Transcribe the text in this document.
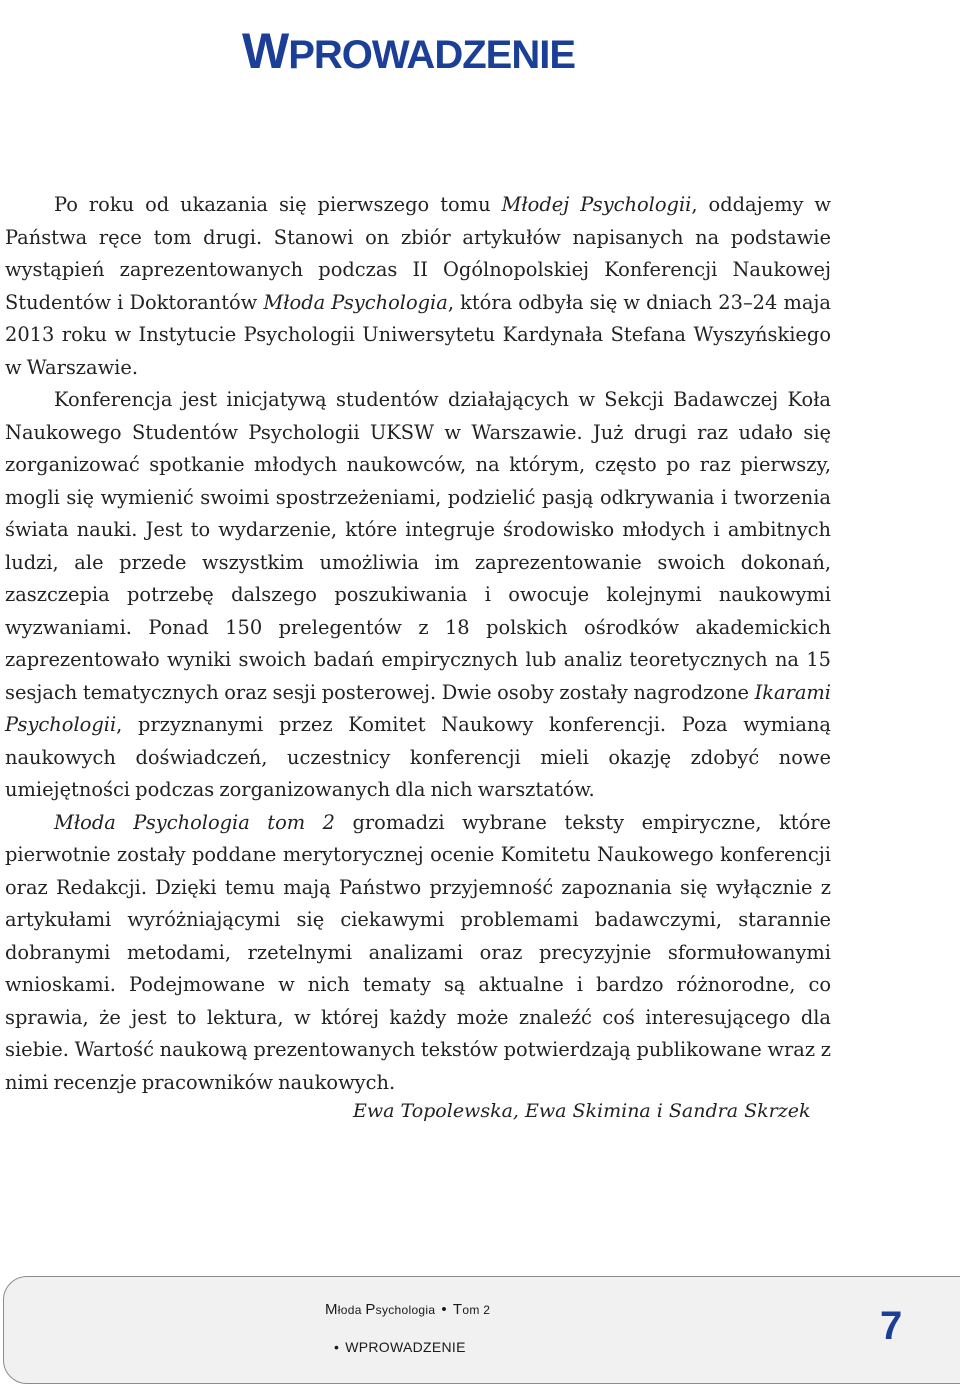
WPROWADZENIE

Po roku od ukazania się pierwszego tomu Młodej Psychologii, oddajemy w Państwa ręce tom drugi. Stanowi on zbiór artykułów napisanych na podstawie wystąpień zaprezentowanych podczas II Ogólnopolskiej Konferencji Naukowej Studentów i Doktorantów Młoda Psychologia, która odbyła się w dniach 23–24 maja 2013 roku w Instytucie Psychologii Uniwersytetu Kardynała Stefana Wyszyńskiego w Warszawie.

Konferencja jest inicjatywą studentów działających w Sekcji Badawczej Koła Naukowego Studentów Psychologii UKSW w Warszawie. Już drugi raz udało się zorganizować spotkanie młodych naukowców, na którym, często po raz pierwszy, mogli się wymienić swoimi spostrzeżeniami, podzielić pasją odkrywania i tworzenia świata nauki. Jest to wydarzenie, które integruje środowisko młodych i ambitnych ludzi, ale przede wszystkim umożliwia im zaprezentowanie swoich dokonań, zaszczepia potrzebę dalszego poszukiwania i owocuje kolejnymi naukowymi wyzwaniami. Ponad 150 prelegentów z 18 polskich ośrodków akademickich zaprezentowało wyniki swoich badań empirycznych lub analiz teoretycznych na 15 sesjach tematycznych oraz sesji posterowej. Dwie osoby zostały nagrodzone Ikarami Psychologii, przyznanymi przez Komitet Naukowy konferencji. Poza wymianą naukowych doświadczeń, uczestnicy konferencji mieli okazję zdobyć nowe umiejętności podczas zorganizowanych dla nich warsztatów.

Młoda Psychologia tom 2 gromadzi wybrane teksty empiryczne, które pierwotnie zostały poddane merytorycznej ocenie Komitetu Naukowego konferencji oraz Redakcji. Dzięki temu mają Państwo przyjemność zapoznania się wyłącznie z artykułami wyróżniającymi się ciekawymi problemami badawczymi, starannie dobranymi metodami, rzetelnymi analizami oraz precyzyjnie sformułowanymi wnioskami. Podejmowane w nich tematy są aktualne i bardzo różnorodne, co sprawia, że jest to lektura, w której każdy może znaleźć coś interesującego dla siebie. Wartość naukową prezentowanych tekstów potwierdzają publikowane wraz z nimi recenzje pracowników naukowych.

Ewa Topolewska, Ewa Skimina i Sandra Skrzek
Młoda Psychologia • Tom 2
• WPROWADZENIE	7
